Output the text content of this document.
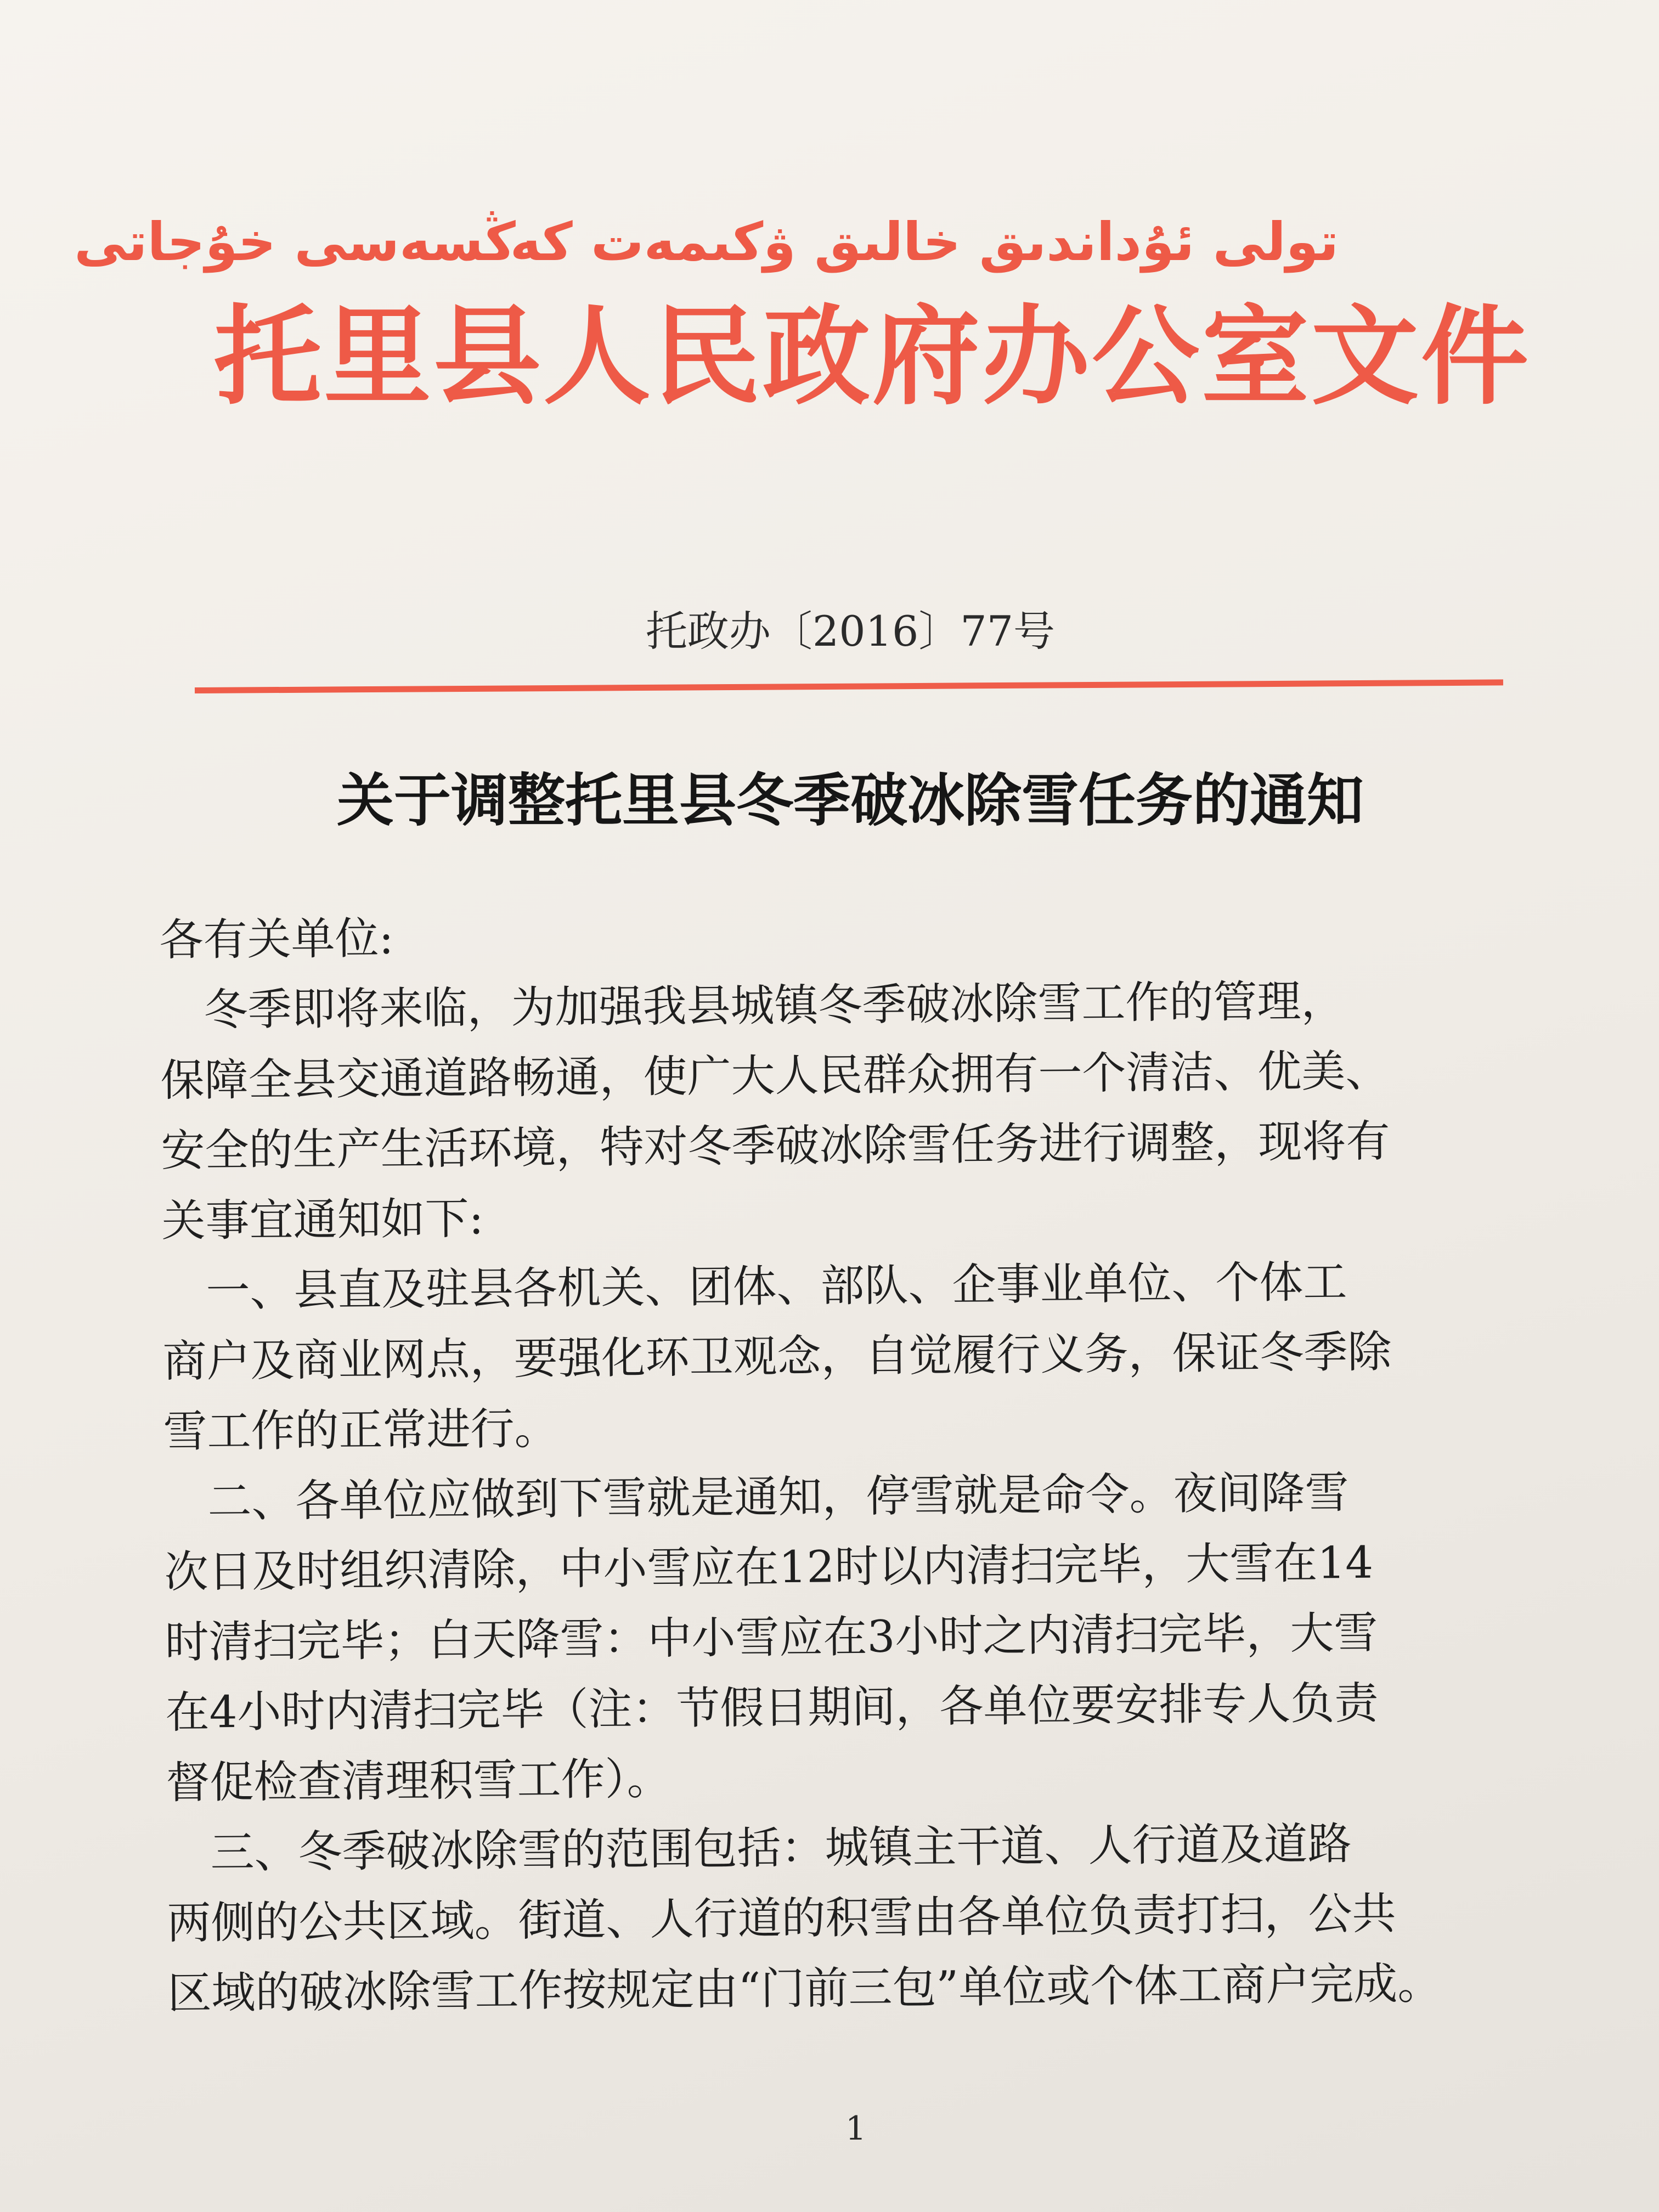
تولى ئۇداندىق خالىق ۋكىمەت كەڭسەسى خۇجاتى
托里县人民政府办公室文件
托政办〔2016〕77号
关于调整托里县冬季破冰除雪任务的通知
各有关单位:
　冬季即将来临，为加强我县城镇冬季破冰除雪工作的管理，
保障全县交通道路畅通，使广大人民群众拥有一个清洁、优美、
安全的生产生活环境，特对冬季破冰除雪任务进行调整，现将有
关事宜通知如下:
　一、县直及驻县各机关、团体、部队、企事业单位、个体工
商户及商业网点，要强化环卫观念，自觉履行义务，保证冬季除
雪工作的正常进行。
　二、各单位应做到下雪就是通知，停雪就是命令。夜间降雪
次日及时组织清除，中小雪应在12时以内清扫完毕，大雪在14
时清扫完毕；白天降雪：中小雪应在3小时之内清扫完毕，大雪
在4小时内清扫完毕（注：节假日期间，各单位要安排专人负责
督促检查清理积雪工作）。
　三、冬季破冰除雪的范围包括：城镇主干道、人行道及道路
两侧的公共区域。街道、人行道的积雪由各单位负责打扫，公共
区域的破冰除雪工作按规定由“门前三包”单位或个体工商户完成。
1
